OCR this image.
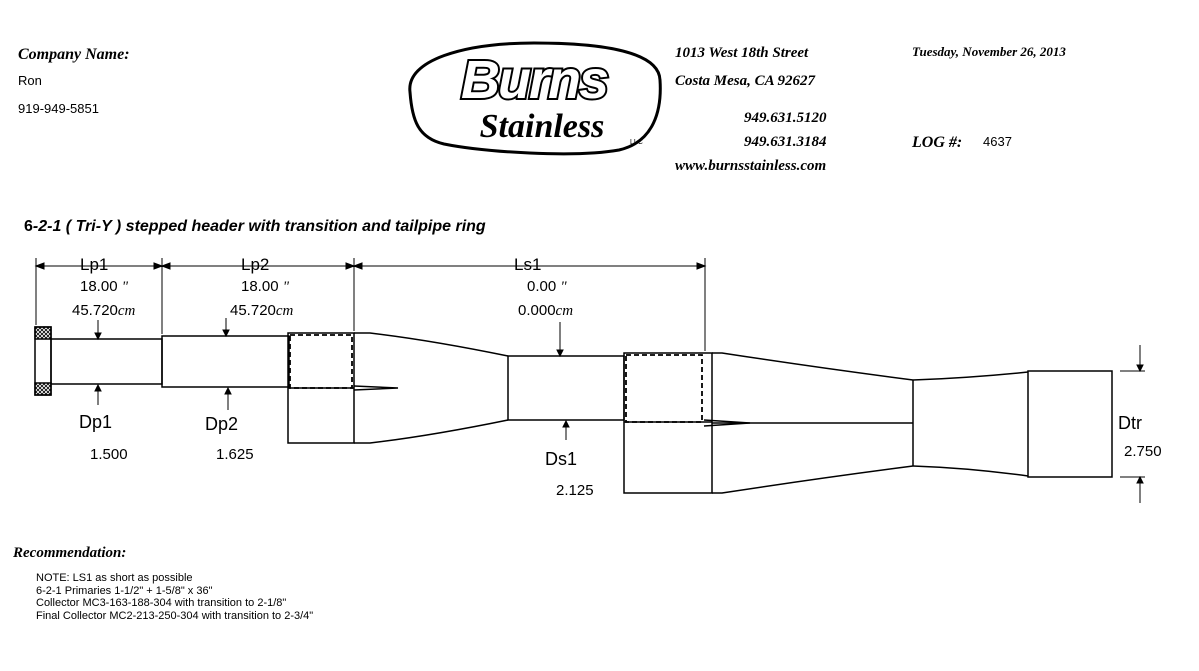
Company Name:
Ron
919-949-5851	Burns
Stainless	LLC
1013 West 18th Street
Costa Mesa, CA 92627
949.631.5120
949.631.3184
www.burnsstainless.com
Tuesday, November 26, 2013
LOG #: 4637
6-2-1 ( Tri-Y ) stepped header with transition and tailpipe ring
Lp1
18.00 "
45.720cm
Lp2
18.00 "
45.720cm
Ls1
0.00 "
0.000cm
Dp1
1.500
Dp2
1.625	Ds1
2.125
Dtr
2.750
Recommendation:
NOTE: LS1 as short as possible
6-2-1 Primaries 1-1/2" + 1-5/8" x 36"
Collector MC3-163-188-304 with transition to 2-1/8"
Final Collector MC2-213-250-304 with transition to 2-3/4"
